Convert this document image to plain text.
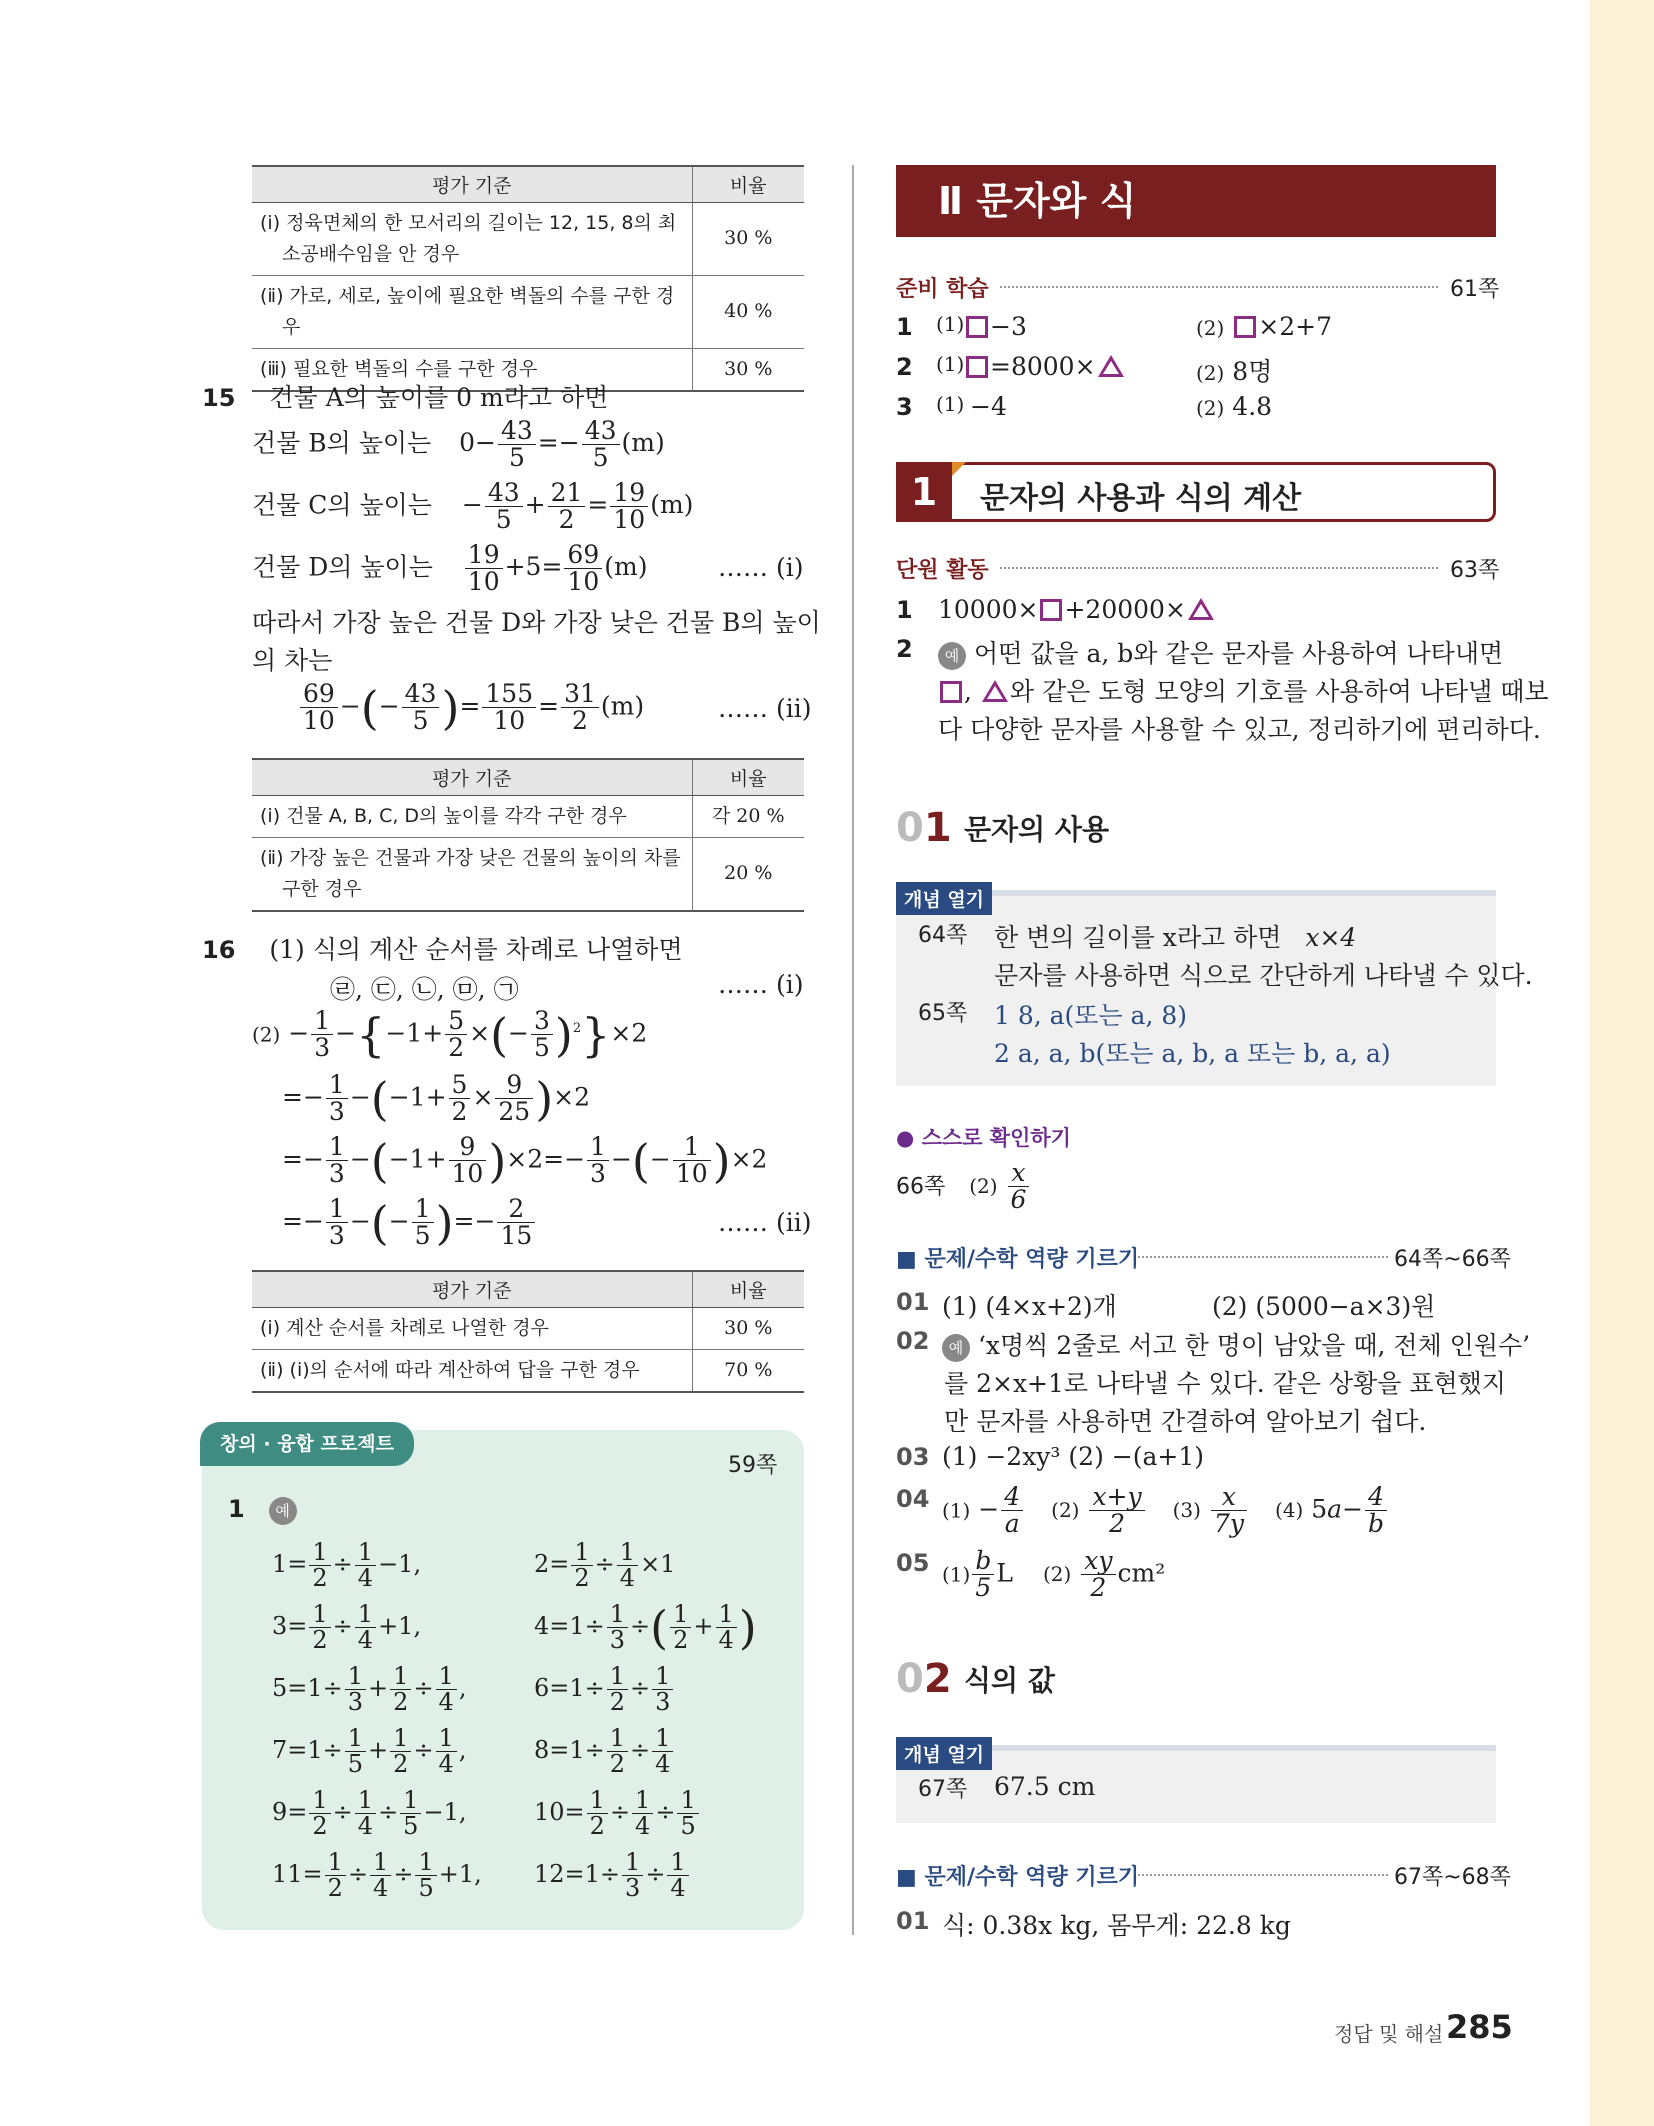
평가 기준	비율
(ⅰ) 정육면체의 한 모서리의 길이는 12, 15, 8의 최소공배수임을 안 경우	30 %
(ⅱ) 가로, 세로, 높이에 필요한 벽돌의 수를 구한 경우	40 %
(ⅲ) 필요한 벽돌의 수를 구한 경우	30 %
15 건물 A의 높이를 0 m라고 하면
건물 B의 높이는 $0- \frac{43}{5} =- \frac{43}{5} (m)$
건물 C의 높이는 − $\frac{43}{5} + \frac{21}{2} = \frac{19}{10} (m)$
건물 D의 높이는 $\frac{19}{10} +5= \frac{69}{10} (m)$	…… (ⅰ)
따라서 가장 높은 건물 D와 가장 낮은 건물 B의 높이
의 차는
$\frac{69}{10}$ −(− $\frac{43}{5}$ )= $\frac{155}{10} = \frac{31}{2} (m)$	…… (ⅱ)
평가 기준	비율
(ⅰ) 건물 A, B, C, D의 높이를 각각 구한 경우	각 20 %
(ⅱ) 가장 높은 건물과 가장 낮은 건물의 높이의 차를 구한 경우	20 %
16 (1) 식의 계산 순서를 차례로 나열하면
㉣, ㉢, ㉡, ㉤, ㉠	…… (ⅰ)
$(2) - \frac{1}{3} -\{-1+ \frac{5}{2}$ ×(− $\frac{3}{5} )^2\}\times 2$
=− $\frac{1}{3} -(-1+ \frac{5}{2} \times \frac{9}{25} )\times 2$
=− $\frac{1}{3} -(-1+ \frac{9}{10} )\times 2=- \frac{1}{3}$ −(− $\frac{1}{10} )\times 2$
=− $\frac{1}{3}$ −(− $\frac{1}{5}$ )=− $\frac{2}{15}$	…… (ⅱ)
평가 기준	비율
(ⅰ) 계산 순서를 차례로 나열한 경우	30 %
(ⅱ) (ⅰ)의 순서에 따라 계산하여 답을 구한 경우	70 %
창의 · 융합 프로젝트
59쪽
1 예
$1= \frac{1}{2} \div \frac{1}{4} -1$,	$2= \frac{1}{2} \div \frac{1}{4} \times 1$
$3= \frac{1}{2} \div \frac{1}{4} +1$,	$4=1\div \frac{1}{3}$ ÷( $\frac{1}{2} + \frac{1}{4}$ )
$5=1\div \frac{1}{3} + \frac{1}{2} \div \frac{1}{4}$ ,	$6=1\div \frac{1}{2} \div \frac{1}{3}$
$7=1\div \frac{1}{5} + \frac{1}{2} \div \frac{1}{4}$ ,	$8=1\div \frac{1}{2} \div \frac{1}{4}$
$9= \frac{1}{2} \div \frac{1}{4} \div \frac{1}{5} -1$,	$10= \frac{1}{2} \div \frac{1}{4} \div \frac{1}{5}$
$11= \frac{1}{2} \div \frac{1}{4} \div \frac{1}{5} +1$, $12=1\div \frac{1}{3} \div \frac{1}{4}$
Ⅱ 문자와 식
준비 학습	61쪽
1 (1)	−3	(2) ×2+7
2 (1)	=8000×	(2) 8명
3 (1) −4	(2) 4.8
1	문자의 사용과 식의 계산
단원 활동	63쪽
1 10000× +20000×
2	예 어떤 값을 a, b와 같은 문자를 사용하여 나타내면
, 와 같은 도형 모양의 기호를 사용하여 나타낼 때보
다 다양한 문자를 사용할 수 있고, 정리하기에 편리하다.
01 문자의 사용
개념 열기
64쪽 한 변의 길이를 x라고 하면 x×4
문자를 사용하면 식으로 간단하게 나타낼 수 있다.
65쪽 1 8, a(또는 a, 8)
2 a, a, b(또는 a, b, a 또는 b, a, a)
● 스스로 확인하기
66쪽 $(2) \frac{x}{6}$
■ 문제/수학 역량 기르기	64쪽~66쪽
01 (1) (4×x+2)개	(2) (5000−a×3)원
02	예 ‘x명씩 2줄로 서고 한 명이 남았을 때, 전체 인원수’
를 2×x+1로 나타낼 수 있다. 같은 상황을 표현했지
만 문자를 사용하면 간결하여 알아보기 쉽다.
03 (1) −2xy³ (2) −(a+1)
04 $(1) - \frac{4}{a} (2) \frac{x+y}{2} (3) \frac{x}{7y} (4)$ $5a- \frac{4}{b}$
05 $(1) \frac{b}{5}$ L $(2) \frac{xy}{2} cm^2$
02 식의 값
개념 열기
67쪽 67.5 cm
■ 문제/수학 역량 기르기	67쪽~68쪽
01 식: 0.38x kg, 몸무게: 22.8 kg
정답 및 해설 285
